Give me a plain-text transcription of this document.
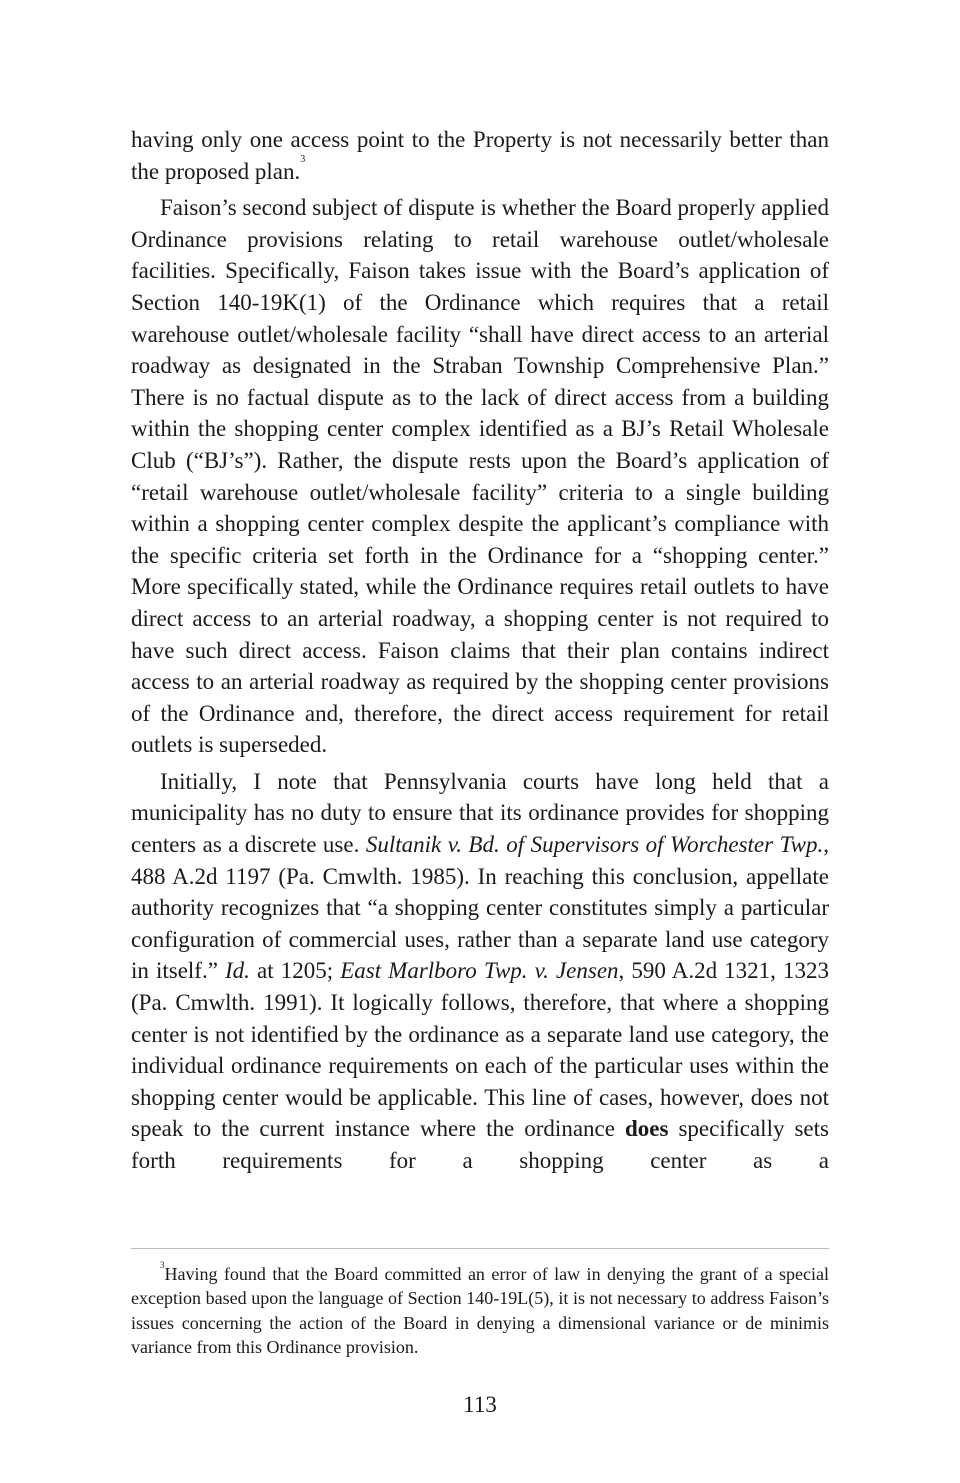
having only one access point to the Property is not necessarily better than the proposed plan.$^3$

Faison’s second subject of dispute is whether the Board properly applied Ordinance provisions relating to retail warehouse outlet/wholesale facilities. Specifically, Faison takes issue with the Board’s application of Section 140-19K(1) of the Ordinance which requires that a retail warehouse outlet/wholesale facility “shall have direct access to an arterial roadway as designated in the Straban Township Comprehensive Plan.” There is no factual dispute as to the lack of direct access from a building within the shopping center complex identified as a BJ’s Retail Wholesale Club (“BJ’s”). Rather, the dispute rests upon the Board’s application of “retail warehouse outlet/wholesale facility” criteria to a single building within a shopping center complex despite the applicant’s compliance with the specific criteria set forth in the Ordinance for a “shopping center.” More specifically stated, while the Ordinance requires retail outlets to have direct access to an arterial roadway, a shopping center is not required to have such direct access. Faison claims that their plan contains indirect access to an arterial roadway as required by the shopping center provisions of the Ordinance and, therefore, the direct access requirement for retail outlets is superseded.

Initially, I note that Pennsylvania courts have long held that a municipality has no duty to ensure that its ordinance provides for shopping centers as a discrete use. Sultanik v. Bd. of Supervisors of Worchester Twp., 488 A.2d 1197 (Pa. Cmwlth. 1985). In reaching this conclusion, appellate authority recognizes that “a shopping center constitutes simply a particular configuration of commercial uses, rather than a separate land use category in itself.” Id. at 1205; East Marlboro Twp. v. Jensen, 590 A.2d 1321, 1323 (Pa. Cmwlth. 1991). It logically follows, therefore, that where a shopping center is not identified by the ordinance as a separate land use category, the individual ordinance requirements on each of the particular uses within the shopping center would be applicable. This line of cases, however, does not speak to the current instance where the ordinance does specifically sets forth requirements for a shopping center as a

$^3$Having found that the Board committed an error of law in denying the grant of a special exception based upon the language of Section 140-19L(5), it is not necessary to address Faison’s issues concerning the action of the Board in denying a dimensional variance or de minimis variance from this Ordinance provision.

113
